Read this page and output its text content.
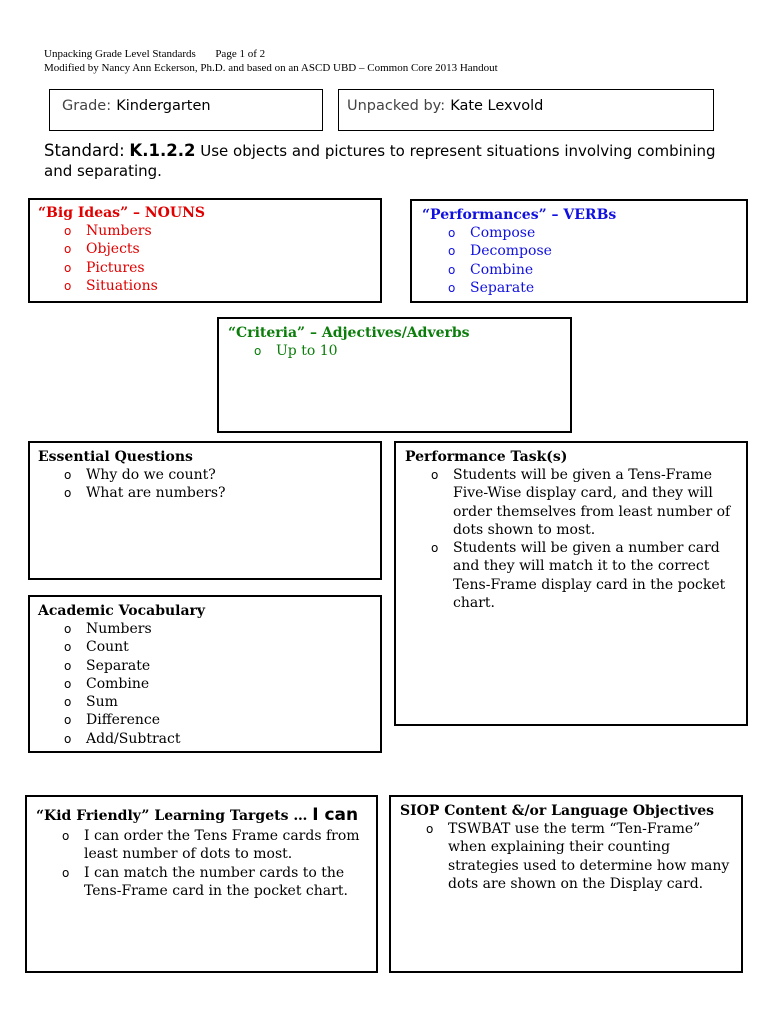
Unpacking Grade Level Standards Page 1 of 2
Modified by Nancy Ann Eckerson, Ph.D. and based on an ASCD UBD – Common Core 2013 Handout
Grade: Kindergarten	Unpacked by: Kate Lexvold
Standard: K.1.2.2 Use objects and pictures to represent situations involving combining and separating.

“Big Ideas” – NOUNS

o Numbers
o Objects
o Pictures
o Situations

“Performances” – VERBs

o Compose
o Decompose
o Combine
o Separate

“Criteria” – Adjectives/Adverbs

o Up to 10

Essential Questions

o Why do we count?
o What are numbers?

Performance Task(s)

o Students will be given a Tens-Frame Five-Wise display card, and they will order themselves from least number of dots shown to most.
o Students will be given a number card and they will match it to the correct Tens-Frame display card in the pocket chart.

Academic Vocabulary

o Numbers
o Count
o Separate
o Combine
o Sum
o Difference
o Add/Subtract

“Kid Friendly” Learning Targets … I can

o I can order the Tens Frame cards from least number of dots to most.
o I can match the number cards to the Tens-Frame card in the pocket chart.

SIOP Content &/or Language Objectives

o TSWBAT use the term “Ten-Frame” when explaining their counting strategies used to determine how many dots are shown on the Display card.
